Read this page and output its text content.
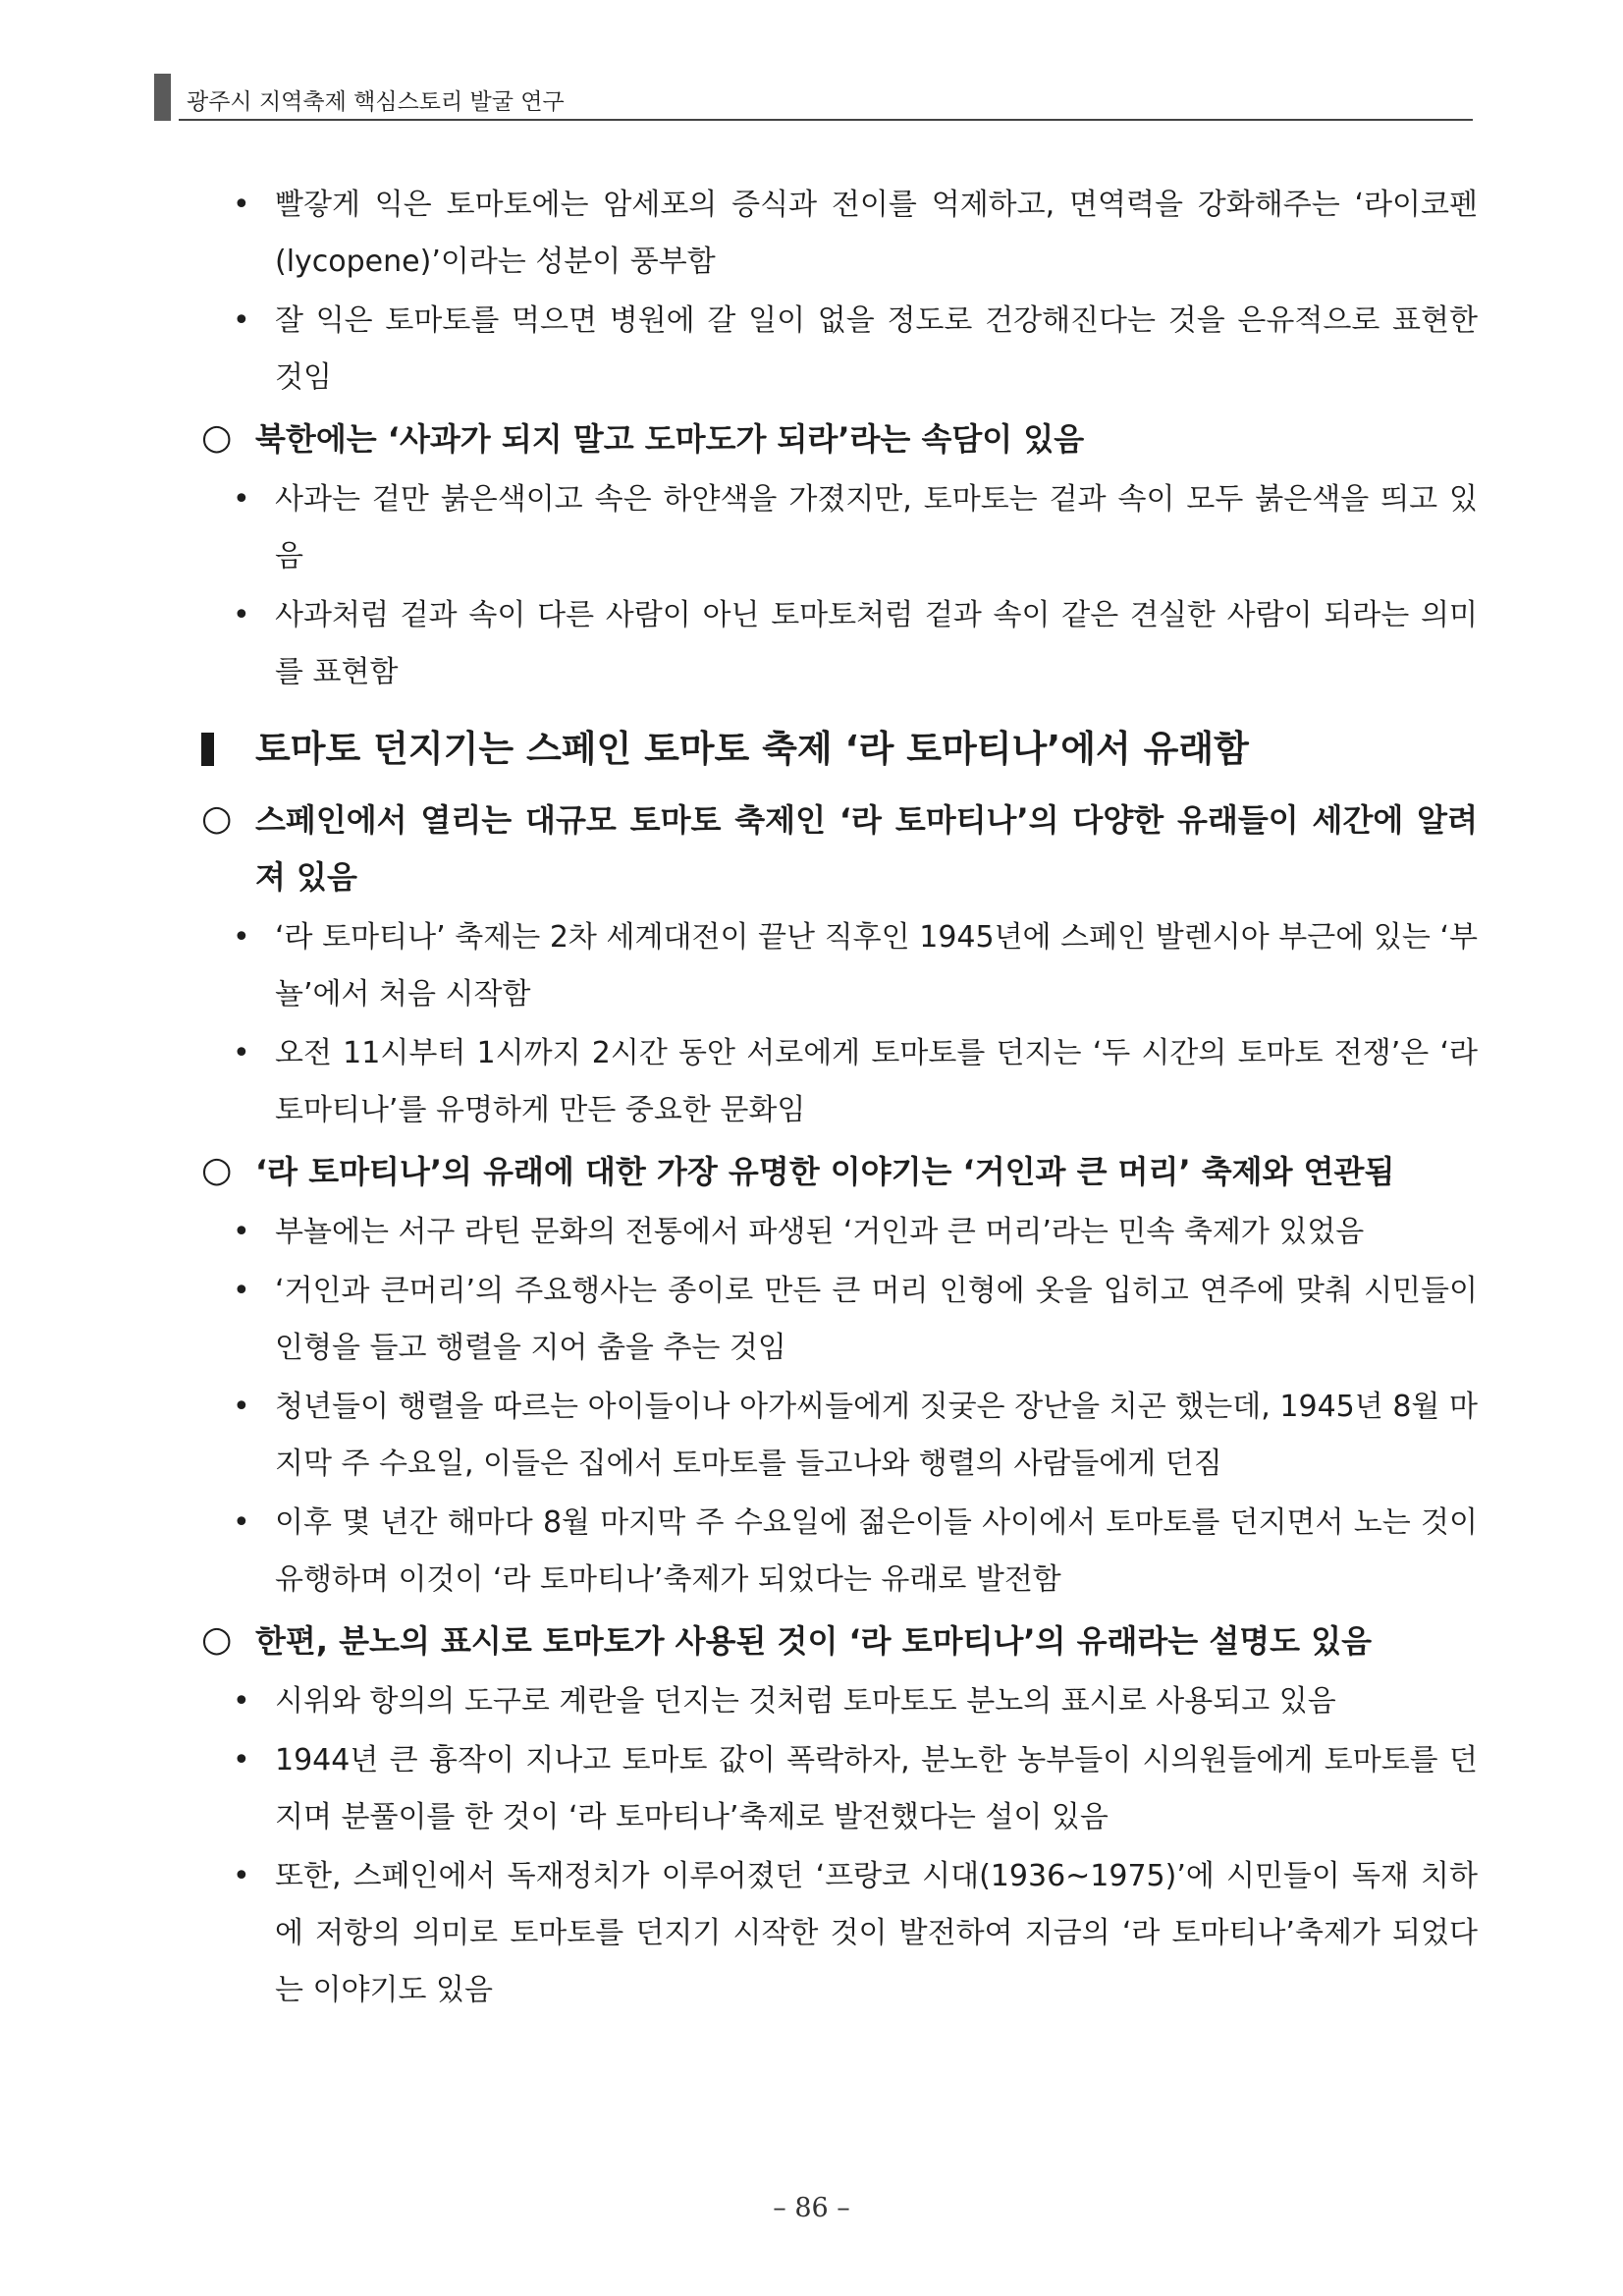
광주시 지역축제 핵심스토리 발굴 연구
• 빨갛게 익은 토마토에는 암세포의 증식과 전이를 억제하고, 면역력을 강화해주는 ‘라이코펜(lycopene)’이라는 성분이 풍부함
• 잘 익은 토마토를 먹으면 병원에 갈 일이 없을 정도로 건강해진다는 것을 은유적으로 표현한 것임
○ 북한에는 ‘사과가 되지 말고 도마도가 되라’라는 속담이 있음
• 사과는 겉만 붉은색이고 속은 하얀색을 가졌지만, 토마토는 겉과 속이 모두 붉은색을 띄고 있음
• 사과처럼 겉과 속이 다른 사람이 아닌 토마토처럼 겉과 속이 같은 견실한 사람이 되라는 의미를 표현함
토마토 던지기는 스페인 토마토 축제 ‘라 토마티나’에서 유래함
○ 스페인에서 열리는 대규모 토마토 축제인 ‘라 토마티나’의 다양한 유래들이 세간에 알려져 있음
• ‘라 토마티나’ 축제는 2차 세계대전이 끝난 직후인 1945년에 스페인 발렌시아 부근에 있는 ‘부뇰’에서 처음 시작함
• 오전 11시부터 1시까지 2시간 동안 서로에게 토마토를 던지는 ‘두 시간의 토마토 전쟁’은 ‘라 토마티나’를 유명하게 만든 중요한 문화임
○ ‘라 토마티나’의 유래에 대한 가장 유명한 이야기는 ‘거인과 큰 머리’ 축제와 연관됨
• 부뇰에는 서구 라틴 문화의 전통에서 파생된 ‘거인과 큰 머리’라는 민속 축제가 있었음
• ‘거인과 큰머리’의 주요행사는 종이로 만든 큰 머리 인형에 옷을 입히고 연주에 맞춰 시민들이 인형을 들고 행렬을 지어 춤을 추는 것임
• 청년들이 행렬을 따르는 아이들이나 아가씨들에게 짓궂은 장난을 치곤 했는데, 1945년 8월 마지막 주 수요일, 이들은 집에서 토마토를 들고나와 행렬의 사람들에게 던짐
• 이후 몇 년간 해마다 8월 마지막 주 수요일에 젊은이들 사이에서 토마토를 던지면서 노는 것이 유행하며 이것이 ‘라 토마티나’축제가 되었다는 유래로 발전함
○ 한편, 분노의 표시로 토마토가 사용된 것이 ‘라 토마티나’의 유래라는 설명도 있음
• 시위와 항의의 도구로 계란을 던지는 것처럼 토마토도 분노의 표시로 사용되고 있음
• 1944년 큰 흉작이 지나고 토마토 값이 폭락하자, 분노한 농부들이 시의원들에게 토마토를 던지며 분풀이를 한 것이 ‘라 토마티나’축제로 발전했다는 설이 있음
• 또한, 스페인에서 독재정치가 이루어졌던 ‘프랑코 시대(1936~1975)’에 시민들이 독재 치하에 저항의 의미로 토마토를 던지기 시작한 것이 발전하여 지금의 ‘라 토마티나’축제가 되었다는 이야기도 있음
– 86 –
